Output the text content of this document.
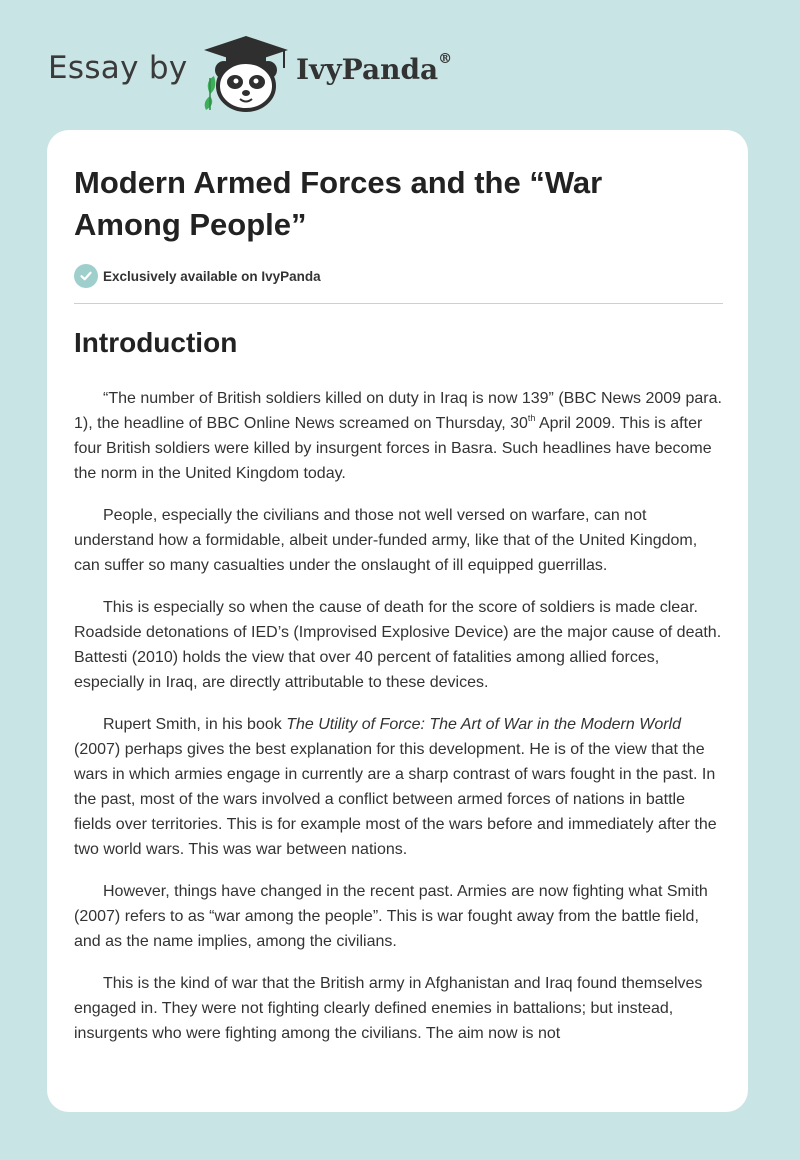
Essay by	IvyPanda®
Modern Armed Forces and the “War Among People”
Exclusively available on IvyPanda
Introduction

“The number of British soldiers killed on duty in Iraq is now 139” (BBC News 2009 para. 1), the headline of BBC Online News screamed on Thursday, 30th April 2009. This is after four British soldiers were killed by insurgent forces in Basra. Such headlines have become the norm in the United Kingdom today.

People, especially the civilians and those not well versed on warfare, can not understand how a formidable, albeit under-funded army, like that of the United Kingdom, can suffer so many casualties under the onslaught of ill equipped guerrillas.

This is especially so when the cause of death for the score of soldiers is made clear. Roadside detonations of IED’s (Improvised Explosive Device) are the major cause of death. Battesti (2010) holds the view that over 40 percent of fatalities among allied forces, especially in Iraq, are directly attributable to these devices.

Rupert Smith, in his book The Utility of Force: The Art of War in the Modern World (2007) perhaps gives the best explanation for this development. He is of the view that the wars in which armies engage in currently are a sharp contrast of wars fought in the past. In the past, most of the wars involved a conflict between armed forces of nations in battle fields over territories. This is for example most of the wars before and immediately after the two world wars. This was war between nations.

However, things have changed in the recent past. Armies are now fighting what Smith (2007) refers to as “war among the people”. This is war fought away from the battle field, and as the name implies, among the civilians.

This is the kind of war that the British army in Afghanistan and Iraq found themselves engaged in. They were not fighting clearly defined enemies in battalions; but instead, insurgents who were fighting among the civilians. The aim now is not
